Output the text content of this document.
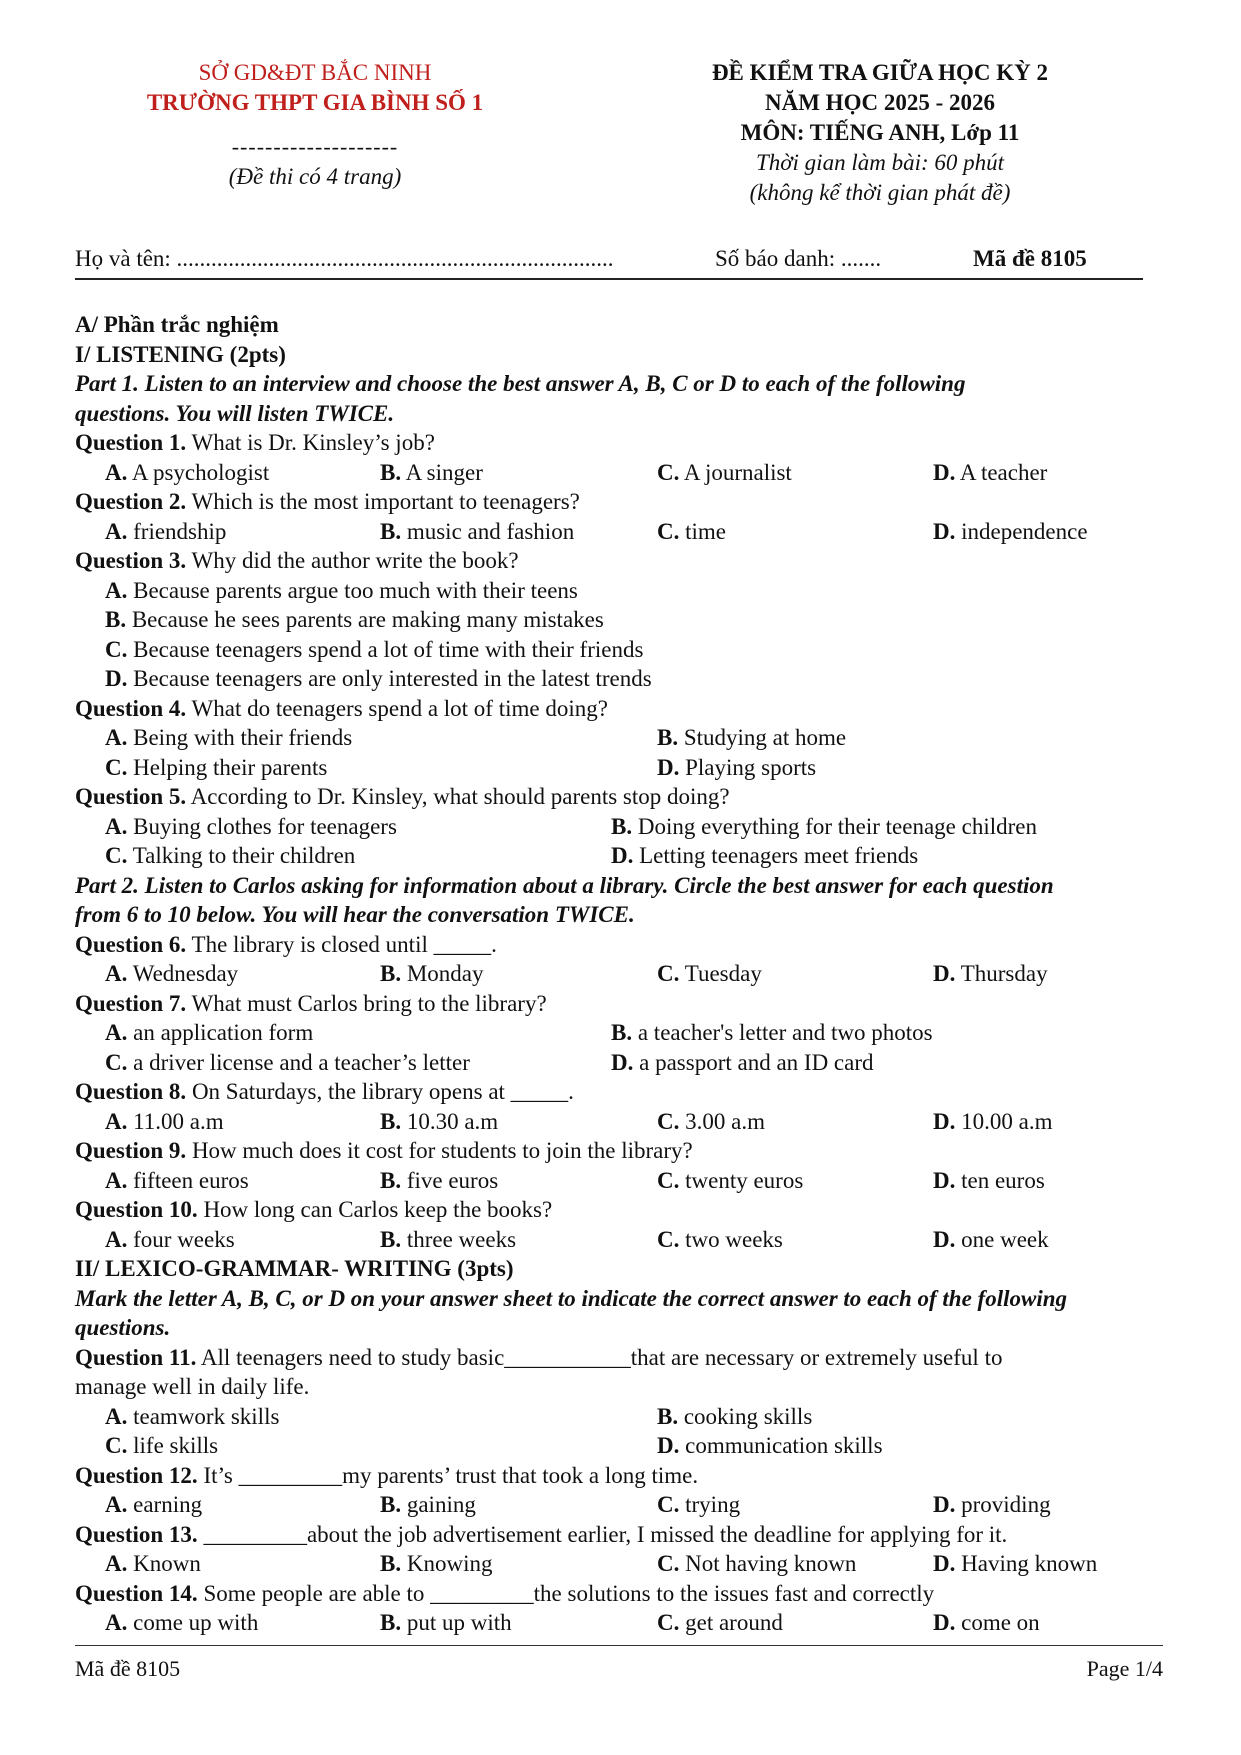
SỞ GD&ĐT BẮC NINH
TRƯỜNG THPT GIA BÌNH SỐ 1
--------------------
(Đề thi có 4 trang)
ĐỀ KIỂM TRA GIỮA HỌC KỲ 2
NĂM HỌC 2025 - 2026
MÔN: TIẾNG ANH, Lớp 11
Thời gian làm bài: 60 phút
(không kể thời gian phát đề)
Họ và tên: ............................................................................	Số báo danh: .......	Mã đề 8105
A/ Phần trắc nghiệm
I/ LISTENING (2pts)
Part 1. Listen to an interview and choose the best answer A, B, C or D to each of the following
questions. You will listen TWICE.
Question 1. What is Dr. Kinsley’s job?
A. A psychologist	B. A singer	C. A journalist	D. A teacher
Question 2. Which is the most important to teenagers?
A. friendship	B. music and fashion	C. time	D. independence
Question 3. Why did the author write the book?
A. Because parents argue too much with their teens
B. Because he sees parents are making many mistakes
C. Because teenagers spend a lot of time with their friends
D. Because teenagers are only interested in the latest trends
Question 4. What do teenagers spend a lot of time doing?
A. Being with their friends	B. Studying at home
C. Helping their parents	D. Playing sports
Question 5. According to Dr. Kinsley, what should parents stop doing?
A. Buying clothes for teenagers	B. Doing everything for their teenage children
C. Talking to their children	D. Letting teenagers meet friends
Part 2. Listen to Carlos asking for information about a library. Circle the best answer for each question
from 6 to 10 below. You will hear the conversation TWICE.
Question 6. The library is closed until _____.
A. Wednesday	B. Monday	C. Tuesday	D. Thursday
Question 7. What must Carlos bring to the library?
A. an application form	B. a teacher's letter and two photos
C. a driver license and a teacher’s letter	D. a passport and an ID card
Question 8. On Saturdays, the library opens at _____.
A. 11.00 a.m	B. 10.30 a.m	C. 3.00 a.m	D. 10.00 a.m
Question 9. How much does it cost for students to join the library?
A. fifteen euros	B. five euros	C. twenty euros	D. ten euros
Question 10. How long can Carlos keep the books?
A. four weeks	B. three weeks	C. two weeks	D. one week
II/ LEXICO-GRAMMAR- WRITING (3pts)
Mark the letter A, B, C, or D on your answer sheet to indicate the correct answer to each of the following
questions.
Question 11. All teenagers need to study basic___________that are necessary or extremely useful to
manage well in daily life.
A. teamwork skills	B. cooking skills
C. life skills	D. communication skills
Question 12. It’s _________my parents’ trust that took a long time.
A. earning	B. gaining	C. trying	D. providing
Question 13. _________about the job advertisement earlier, I missed the deadline for applying for it.
A. Known	B. Knowing	C. Not having known	D. Having known
Question 14. Some people are able to _________the solutions to the issues fast and correctly
A. come up with	B. put up with	C. get around	D. come on
Mã đề 8105	Page 1/4
